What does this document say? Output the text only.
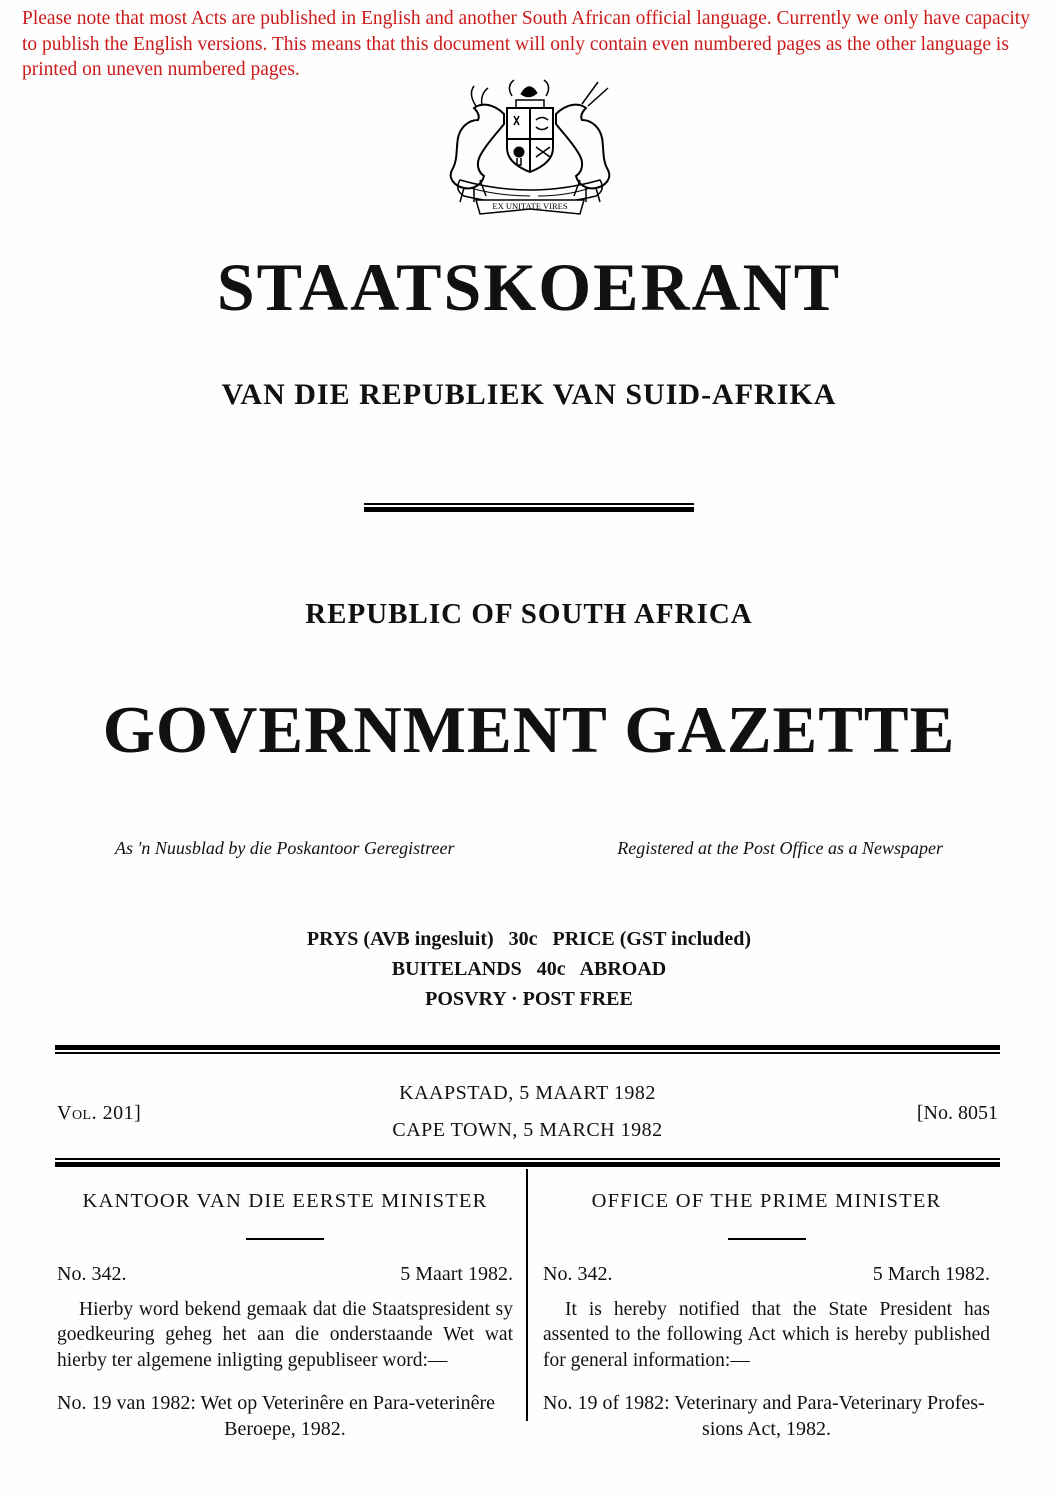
Please note that most Acts are published in English and another South African official language. Currently we only have capacity to publish the English versions. This means that this document will only contain even numbered pages as the other language is printed on uneven numbered pages.
EX UNITATE VIRES
STAATSKOERANT
VAN DIE REPUBLIEK VAN SUID-AFRIKA
REPUBLIC OF SOUTH AFRICA
GOVERNMENT GAZETTE
As 'n Nuusblad by die Poskantoor Geregistreer	Registered at the Post Office as a Newspaper
PRYS (AVB ingesluit)   30c   PRICE (GST included)
BUITELANDS   40c   ABROAD
POSVRY · POST FREE
Vol. 201]
KAAPSTAD, 5 MAART 1982
CAPE TOWN, 5 MARCH 1982
[No. 8051
KANTOOR VAN DIE EERSTE MINISTER
No. 342.	5 Maart 1982.
Hierby word bekend gemaak dat die Staatspresident sy goedkeuring geheg het aan die onderstaande Wet wat hierby ter algemene inligting gepubliseer word:—
No. 19 van 1982: Wet op Veterinêre en Para-veterinêre
Beroepe, 1982.
OFFICE OF THE PRIME MINISTER
No. 342.	5 March 1982.
It is hereby notified that the State President has assented to the following Act which is hereby published for general information:—
No. 19 of 1982: Veterinary and Para-Veterinary Profes-
sions Act, 1982.
